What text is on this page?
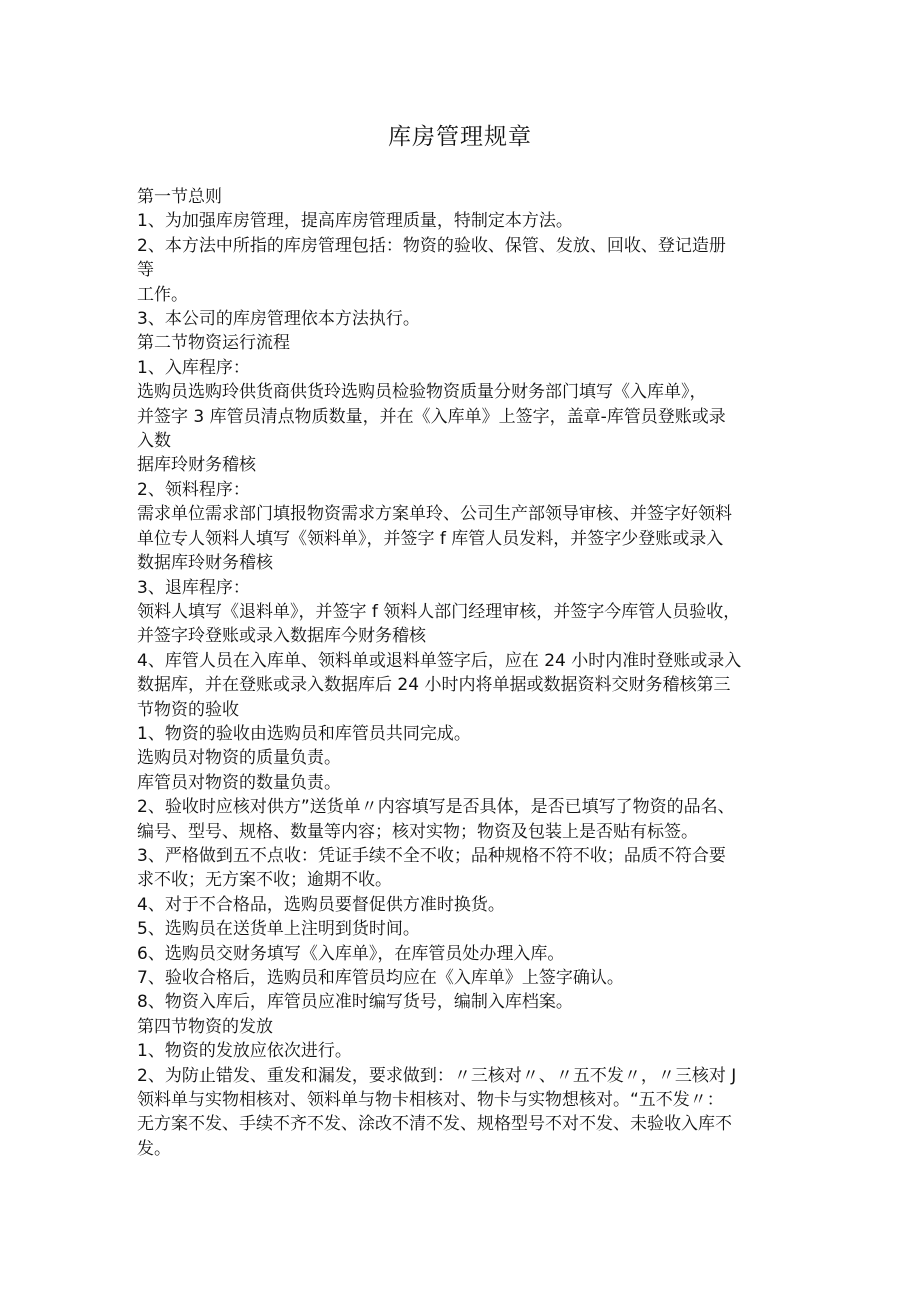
库房管理规章
第一节总则
1、为加强库房管理，提高库房管理质量，特制定本方法。
2、本方法中所指的库房管理包括：物资的验收、保管、发放、回收、登记造册
等
工作。
3、本公司的库房管理依本方法执行。
第二节物资运行流程
1、入库程序：
选购员选购玲供货商供货玲选购员检验物资质量分财务部门填写《入库单》，
并签字 3 库管员清点物质数量，并在《入库单》上签字，盖章-库管员登账或录
入数
据库玲财务稽核
2、领料程序：
需求单位需求部门填报物资需求方案单玲、公司生产部领导审核、并签字好领料
单位专人领料人填写《领料单》，并签字 f 库管人员发料，并签字少登账或录入
数据库玲财务稽核
3、退库程序：
领料人填写《退料单》，并签字 f 领料人部门经理审核，并签字今库管人员验收，
并签字玲登账或录入数据库今财务稽核
4、库管人员在入库单、领料单或退料单签字后，应在 24 小时内准时登账或录入
数据库，并在登账或录入数据库后 24 小时内将单据或数据资料交财务稽核第三
节物资的验收
1、物资的验收由选购员和库管员共同完成。
选购员对物资的质量负责。
库管员对物资的数量负责。
2、验收时应核对供方”送货单〃内容填写是否具体，是否已填写了物资的品名、
编号、型号、规格、数量等内容；核对实物；物资及包装上是否贴有标签。
3、严格做到五不点收：凭证手续不全不收；品种规格不符不收；品质不符合要
求不收；无方案不收；逾期不收。
4、对于不合格品，选购员要督促供方准时换货。
5、选购员在送货单上注明到货时间。
6、选购员交财务填写《入库单》，在库管员处办理入库。
7、验收合格后，选购员和库管员均应在《入库单》上签字确认。
8、物资入库后，库管员应准时编写货号，编制入库档案。
第四节物资的发放
1、物资的发放应依次进行。
2、为防止错发、重发和漏发，要求做到：〃三核对〃、〃五不发〃，〃三核对 J
领料单与实物相核对、领料单与物卡相核对、物卡与实物想核对。“五不发〃：
无方案不发、手续不齐不发、涂改不清不发、规格型号不对不发、未验收入库不
发。
